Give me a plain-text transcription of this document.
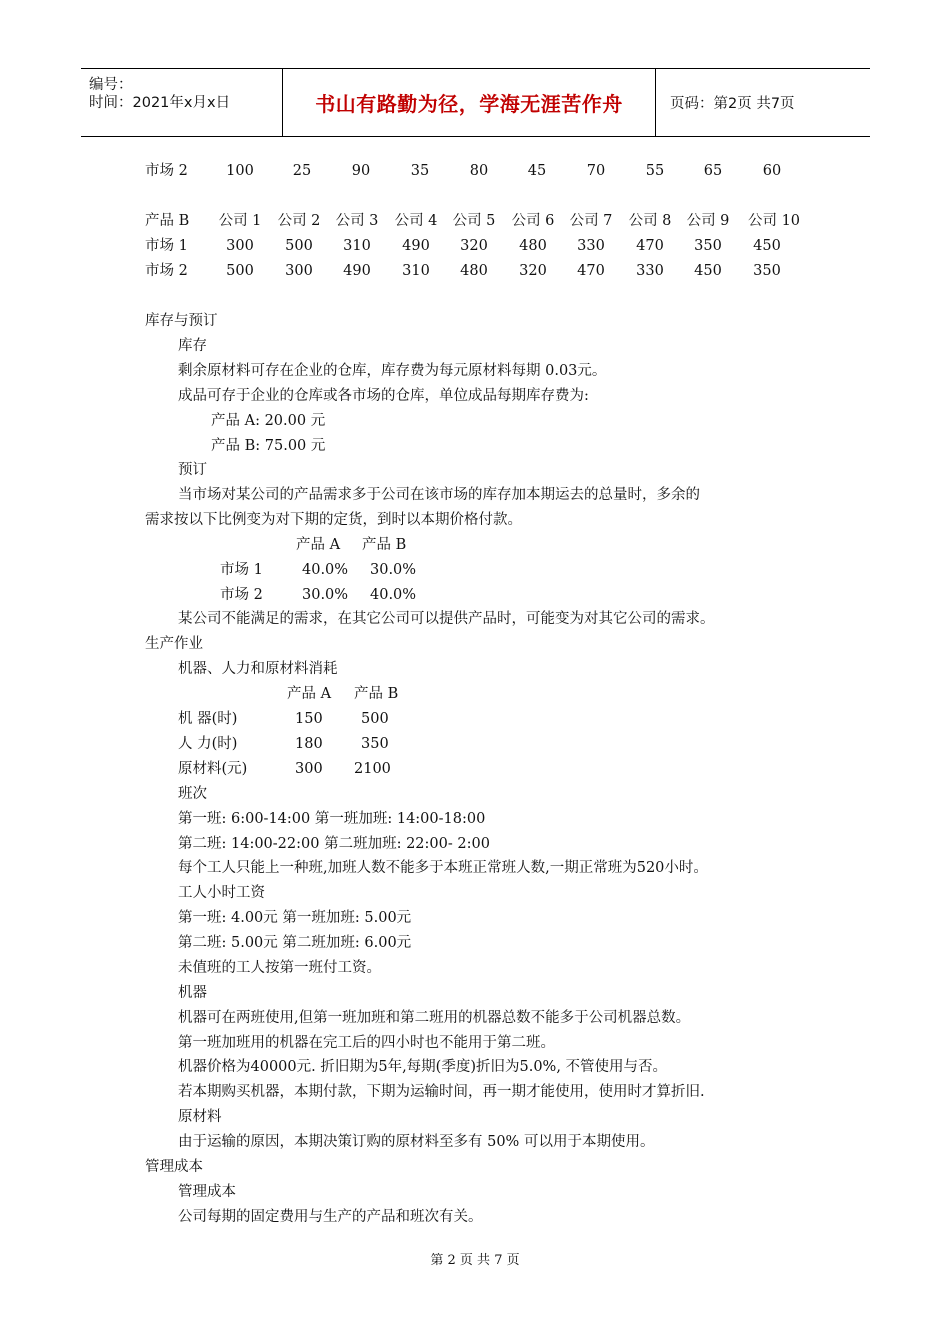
编号：
时间：2021年x月x日	书山有路勤为径，学海无涯苦作舟	页码：第2页 共7页
市场 2	100	25	90	35	80	45	70	55	65	60
产品 B	公司 1	公司 2	公司 3	公司 4	公司 5	公司 6	公司 7	公司 8	公司 9	公司 10
市场 1	300	500	310	490	320	480	330	470	350	450
市场 2	500	300	490	310	480	320	470	330	450	350
库存与预订
库存
剩余原材料可存在企业的仓库，库存费为每元原材料每期 0.03元。
成品可存于企业的仓库或各市场的仓库，单位成品每期库存费为:
产品 A: 20.00 元
产品 B: 75.00 元
预订
当市场对某公司的产品需求多于公司在该市场的库存加本期运去的总量时，多余的
需求按以下比例变为对下期的定货，到时以本期价格付款。
产品 A 产品 B
市场 1	40.0% 30.0%
市场 2	30.0% 40.0%
某公司不能满足的需求，在其它公司可以提供产品时，可能变为对其它公司的需求。
生产作业
机器、人力和原材料消耗
产品 A 产品 B
机 器(时)	150	500
人 力(时)	180	350
原材料(元)	300 2100
班次
第一班: 6:00-14:00 第一班加班: 14:00-18:00
第二班: 14:00-22:00 第二班加班: 22:00- 2:00
每个工人只能上一种班,加班人数不能多于本班正常班人数,一期正常班为520小时。
工人小时工资
第一班: 4.00元 第一班加班: 5.00元
第二班: 5.00元 第二班加班: 6.00元
未值班的工人按第一班付工资。
机器
机器可在两班使用,但第一班加班和第二班用的机器总数不能多于公司机器总数。
第一班加班用的机器在完工后的四小时也不能用于第二班。
机器价格为40000元. 折旧期为5年,每期(季度)折旧为5.0%, 不管使用与否。
若本期购买机器，本期付款，下期为运输时间，再一期才能使用，使用时才算折旧.
原材料
由于运输的原因，本期决策订购的原材料至多有 50% 可以用于本期使用。
管理成本
管理成本
公司每期的固定费用与生产的产品和班次有关。
第 2 页 共 7 页
